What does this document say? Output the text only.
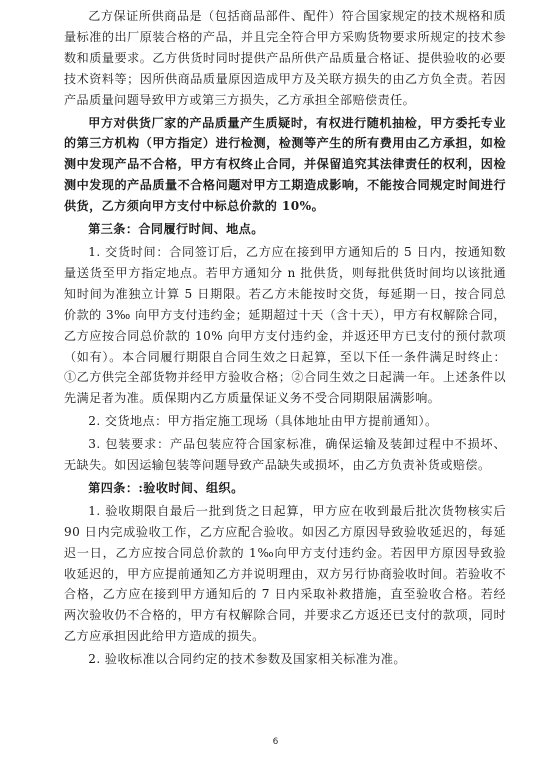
乙方保证所供商品是（包括商品部件、配件）符合国家规定的技术规格和质量标准的出厂原装合格的产品，并且完全符合甲方采购货物要求所规定的技术参数和质量要求。乙方供货时同时提供产品所供产品质量合格证、提供验收的必要技术资料等；因所供商品质量原因造成甲方及关联方损失的由乙方负全责。若因产品质量问题导致甲方或第三方损失，乙方承担全部赔偿责任。

甲方对供货厂家的产品质量产生质疑时，有权进行随机抽检，甲方委托专业的第三方机构（甲方指定）进行检测，检测等产生的所有费用由乙方承担，如检测中发现产品不合格，甲方有权终止合同，并保留追究其法律责任的权利，因检测中发现的产品质量不合格问题对甲方工期造成影响，不能按合同规定时间进行供货，乙方须向甲方支付中标总价款的 10%。

第三条：合同履行时间、地点。

1. 交货时间：合同签订后，乙方应在接到甲方通知后的 5 日内，按通知数量送货至甲方指定地点。若甲方通知分 n 批供货，则每批供货时间均以该批通知时间为准独立计算 5 日期限。若乙方未能按时交货，每延期一日，按合同总价款的 3‰ 向甲方支付违约金；延期超过十天（含十天），甲方有权解除合同，乙方应按合同总价款的 10% 向甲方支付违约金，并返还甲方已支付的预付款项（如有）。本合同履行期限自合同生效之日起算，至以下任一条件满足时终止：①乙方供完全部货物并经甲方验收合格；②合同生效之日起满一年。上述条件以先满足者为准。质保期内乙方质量保证义务不受合同期限届满影响。

2. 交货地点：甲方指定施工现场（具体地址由甲方提前通知）。

3. 包装要求：产品包装应符合国家标准，确保运输及装卸过程中不损坏、无缺失。如因运输包装等问题导致产品缺失或损坏，由乙方负责补货或赔偿。

第四条：:验收时间、组织。

1. 验收期限自最后一批到货之日起算，甲方应在收到最后批次货物核实后 90 日内完成验收工作，乙方应配合验收。如因乙方原因导致验收延迟的，每延迟一日，乙方应按合同总价款的 1‰向甲方支付违约金。若因甲方原因导致验收延迟的，甲方应提前通知乙方并说明理由，双方另行协商验收时间。若验收不合格，乙方应在接到甲方通知后的 7 日内采取补救措施，直至验收合格。若经两次验收仍不合格的，甲方有权解除合同，并要求乙方返还已支付的款项，同时乙方应承担因此给甲方造成的损失。

2. 验收标准以合同约定的技术参数及国家相关标准为准。

6
